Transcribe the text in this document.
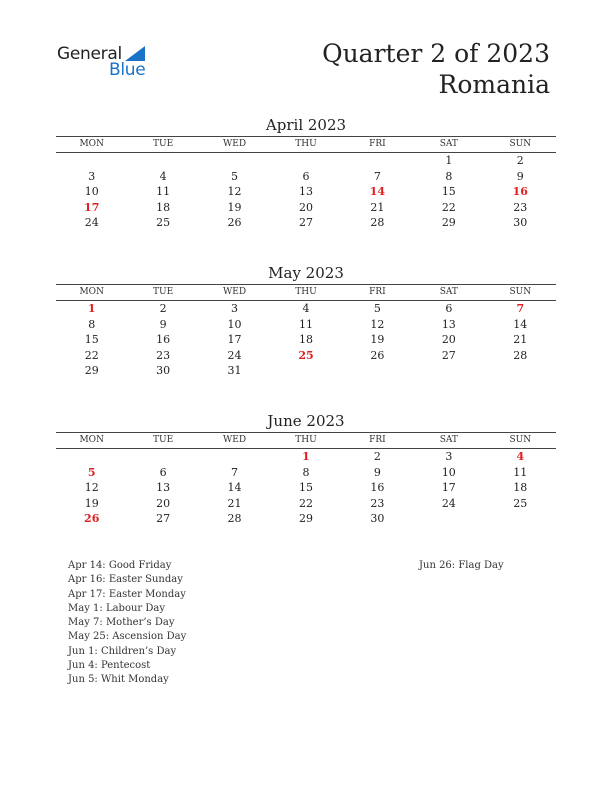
General
Blue
Quarter 2 of 2023
Romania
April 2023
MON	TUE	WED	THU	FRI	SAT	SUN
					1	2
3	4	5	6	7	8	9
10	11	12	13	14	15	16
17	18	19	20	21	22	23
24	25	26	27	28	29	30
May 2023
MON	TUE	WED	THU	FRI	SAT	SUN
1	2	3	4	5	6	7
8	9	10	11	12	13	14
15	16	17	18	19	20	21
22	23	24	25	26	27	28
29	30	31				
June 2023
MON	TUE	WED	THU	FRI	SAT	SUN
			1	2	3	4
5	6	7	8	9	10	11
12	13	14	15	16	17	18
19	20	21	22	23	24	25
26	27	28	29	30		
Apr 14: Good Friday
Apr 16: Easter Sunday
Apr 17: Easter Monday
May 1: Labour Day
May 7: Mother’s Day
May 25: Ascension Day
Jun 1: Children’s Day
Jun 4: Pentecost
Jun 5: Whit Monday
Jun 26: Flag Day
